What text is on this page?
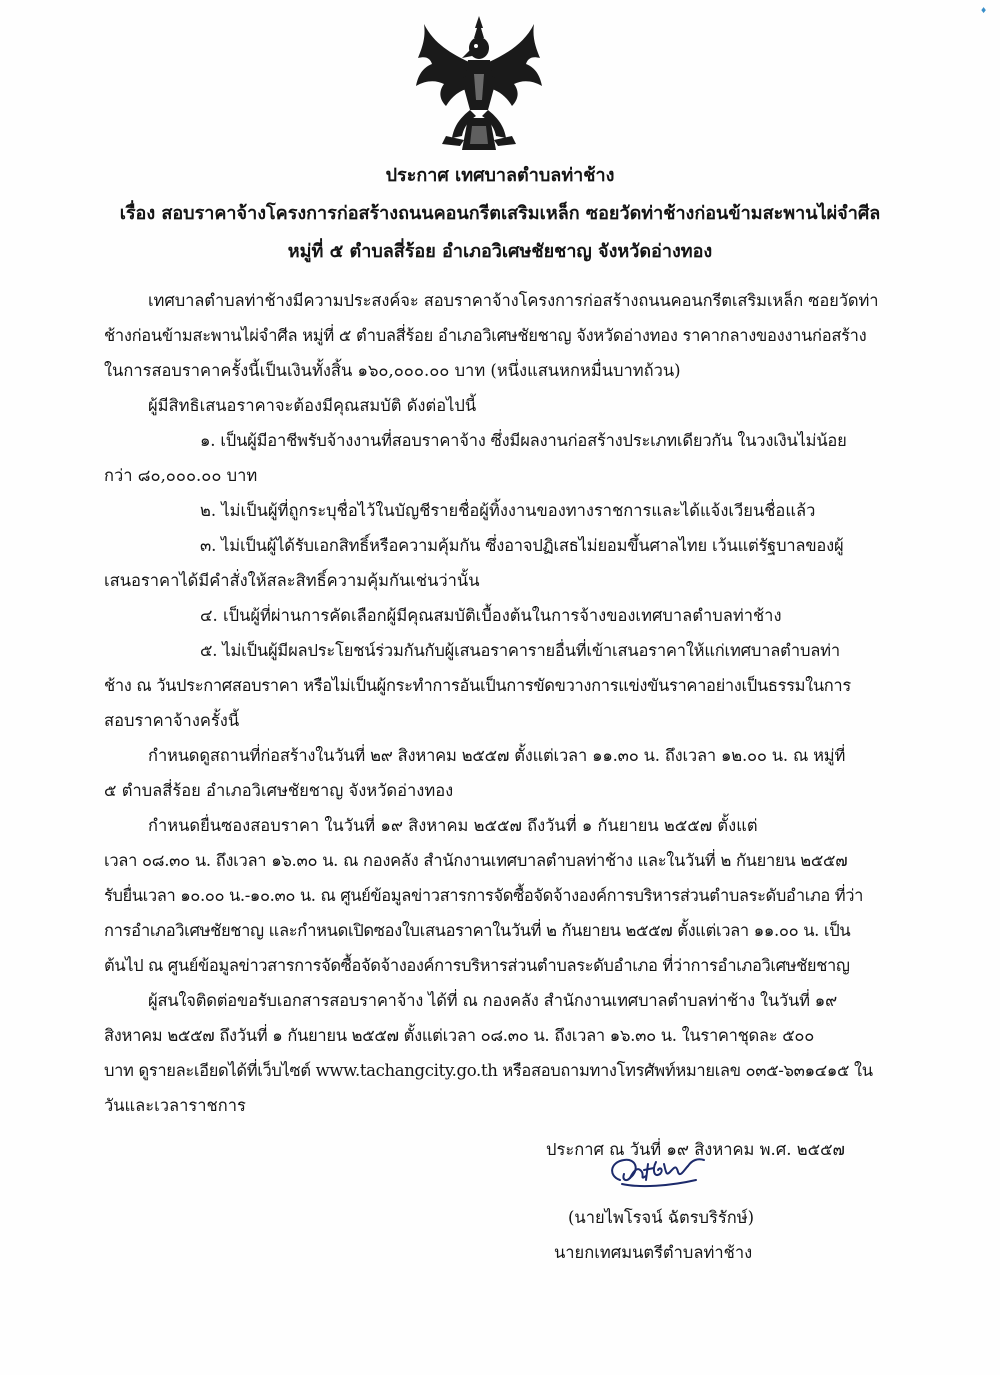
♦
ประกาศ เทศบาลตำบลท่าช้าง
เรื่อง สอบราคาจ้างโครงการก่อสร้างถนนคอนกรีตเสริมเหล็ก ซอยวัดท่าช้างก่อนข้ามสะพานไผ่จำศีล
หมู่ที่ ๕ ตำบลสี่ร้อย อำเภอวิเศษชัยชาญ จังหวัดอ่างทอง
เทศบาลตำบลท่าช้างมีความประสงค์จะ สอบราคาจ้างโครงการก่อสร้างถนนคอนกรีตเสริมเหล็ก ซอยวัดท่า
ช้างก่อนข้ามสะพานไผ่จำศีล หมู่ที่ ๕ ตำบลสี่ร้อย อำเภอวิเศษชัยชาญ จังหวัดอ่างทอง ราคากลางของงานก่อสร้าง
ในการสอบราคาครั้งนี้เป็นเงินทั้งสิ้น ๑๖๐,๐๐๐.๐๐ บาท (หนึ่งแสนหกหมื่นบาทถ้วน)
ผู้มีสิทธิเสนอราคาจะต้องมีคุณสมบัติ ดังต่อไปนี้
๑. เป็นผู้มีอาชีพรับจ้างงานที่สอบราคาจ้าง ซึ่งมีผลงานก่อสร้างประเภทเดียวกัน ในวงเงินไม่น้อย
กว่า ๘๐,๐๐๐.๐๐ บาท
๒. ไม่เป็นผู้ที่ถูกระบุชื่อไว้ในบัญชีรายชื่อผู้ทิ้งงานของทางราชการและได้แจ้งเวียนชื่อแล้ว
๓. ไม่เป็นผู้ได้รับเอกสิทธิ์หรือความคุ้มกัน ซึ่งอาจปฏิเสธไม่ยอมขึ้นศาลไทย เว้นแต่รัฐบาลของผู้
เสนอราคาได้มีคำสั่งให้สละสิทธิ์ความคุ้มกันเช่นว่านั้น
๔. เป็นผู้ที่ผ่านการคัดเลือกผู้มีคุณสมบัติเบื้องต้นในการจ้างของเทศบาลตำบลท่าช้าง
๕. ไม่เป็นผู้มีผลประโยชน์ร่วมกันกับผู้เสนอราคารายอื่นที่เข้าเสนอราคาให้แก่เทศบาลตำบลท่า
ช้าง ณ วันประกาศสอบราคา หรือไม่เป็นผู้กระทำการอันเป็นการขัดขวางการแข่งขันราคาอย่างเป็นธรรมในการ
สอบราคาจ้างครั้งนี้
กำหนดดูสถานที่ก่อสร้างในวันที่ ๒๙ สิงหาคม ๒๕๕๗ ตั้งแต่เวลา ๑๑.๓๐ น. ถึงเวลา ๑๒.๐๐ น. ณ หมู่ที่
๕ ตำบลสี่ร้อย อำเภอวิเศษชัยชาญ จังหวัดอ่างทอง
กำหนดยื่นซองสอบราคา ในวันที่ ๑๙ สิงหาคม ๒๕๕๗ ถึงวันที่ ๑ กันยายน ๒๕๕๗ ตั้งแต่
เวลา ๐๘.๓๐ น. ถึงเวลา ๑๖.๓๐ น. ณ กองคลัง สำนักงานเทศบาลตำบลท่าช้าง และในวันที่ ๒ กันยายน ๒๕๕๗
รับยื่นเวลา ๑๐.๐๐ น.-๑๐.๓๐ น. ณ ศูนย์ข้อมูลข่าวสารการจัดซื้อจัดจ้างองค์การบริหารส่วนตำบลระดับอำเภอ ที่ว่า
การอำเภอวิเศษชัยชาญ และกำหนดเปิดซองใบเสนอราคาในวันที่ ๒ กันยายน ๒๕๕๗ ตั้งแต่เวลา ๑๑.๐๐ น. เป็น
ต้นไป ณ ศูนย์ข้อมูลข่าวสารการจัดซื้อจัดจ้างองค์การบริหารส่วนตำบลระดับอำเภอ ที่ว่าการอำเภอวิเศษชัยชาญ
ผู้สนใจติดต่อขอรับเอกสารสอบราคาจ้าง ได้ที่ ณ กองคลัง สำนักงานเทศบาลตำบลท่าช้าง ในวันที่ ๑๙
สิงหาคม ๒๕๕๗ ถึงวันที่ ๑ กันยายน ๒๕๕๗ ตั้งแต่เวลา ๐๘.๓๐ น. ถึงเวลา ๑๖.๓๐ น. ในราคาชุดละ ๕๐๐
บาท ดูรายละเอียดได้ที่เว็บไซต์ www.tachangcity.go.th หรือสอบถามทางโทรศัพท์หมายเลข ๐๓๕-๖๓๑๔๑๕ ใน
วันและเวลาราชการ
ประกาศ ณ วันที่ ๑๙ สิงหาคม พ.ศ. ๒๕๕๗
(นายไพโรจน์ ฉัตรบริรักษ์)
นายกเทศมนตรีตำบลท่าช้าง
